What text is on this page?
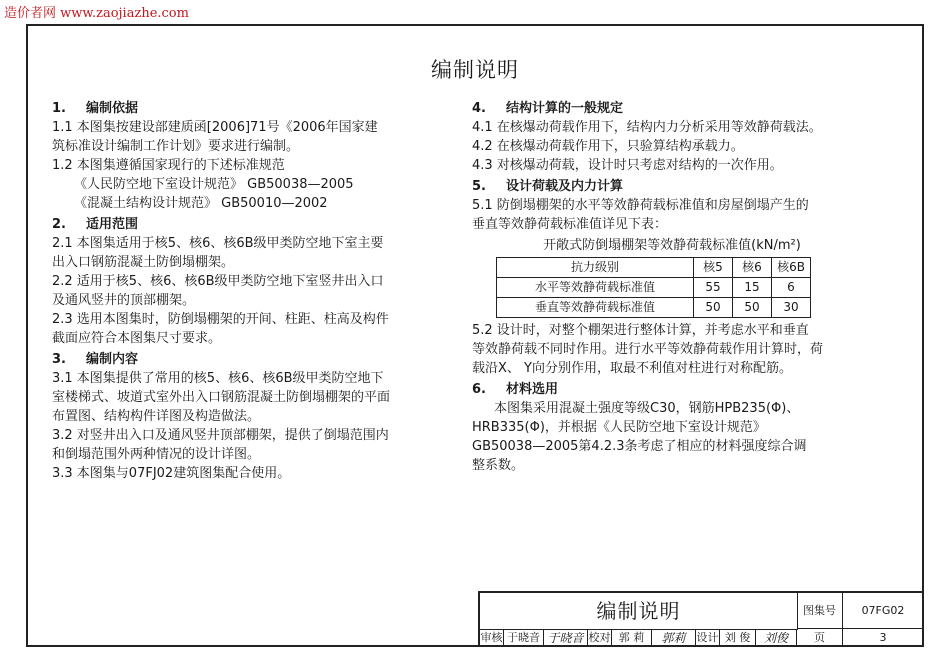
造价者网 www.zaojiazhe.com
编制说明
1. 编制依据
1.1 本图集按建设部建质函[2006]71号《2006年国家建
筑标准设计编制工作计划》要求进行编制。
1.2 本图集遵循国家现行的下述标准规范
《人民防空地下室设计规范》 GB50038—2005
《混凝土结构设计规范》 GB50010—2002
2. 适用范围
2.1 本图集适用于核5、核6、核6B级甲类防空地下室主要
出入口钢筋混凝土防倒塌棚架。
2.2 适用于核5、核6、核6B级甲类防空地下室竖井出入口
及通风竖井的顶部棚架。
2.3 选用本图集时，防倒塌棚架的开间、柱距、柱高及构件
截面应符合本图集尺寸要求。
3. 编制内容
3.1 本图集提供了常用的核5、核6、核6B级甲类防空地下
室楼梯式、坡道式室外出入口钢筋混凝土防倒塌棚架的平面
布置图、结构构件详图及构造做法。
3.2 对竖井出入口及通风竖井顶部棚架，提供了倒塌范围内
和倒塌范围外两种情况的设计详图。
3.3 本图集与07FJ02建筑图集配合使用。
4. 结构计算的一般规定
4.1 在核爆动荷载作用下，结构内力分析采用等效静荷载法。
4.2 在核爆动荷载作用下，只验算结构承载力。
4.3 对核爆动荷载，设计时只考虑对结构的一次作用。
5. 设计荷载及内力计算
5.1 防倒塌棚架的水平等效静荷载标准值和房屋倒塌产生的
垂直等效静荷载标准值详见下表：
开敞式防倒塌棚架等效静荷载标准值(kN/m²)
抗力级别	核5	核6	核6B
水平等效静荷载标准值	55	15	6
垂直等效静荷载标准值	50	50	30
5.2 设计时，对整个棚架进行整体计算，并考虑水平和垂直
等效静荷载不同时作用。进行水平等效静荷载作用计算时，荷
载沿X、 Y向分别作用，取最不利值对柱进行对称配筋。
6. 材料选用
本图集采用混凝土强度等级C30，钢筋HPB235(Φ)、
HRB335(Φ)，并根据《人民防空地下室设计规范》
GB50038—2005第4.2.3条考虑了相应的材料强度综合调
整系数。
编制说明	图集号	07FG02
审核 于晓音 于晓音 校对 郭 莉	郭莉	设计 刘 俊	刘俊	页	3
